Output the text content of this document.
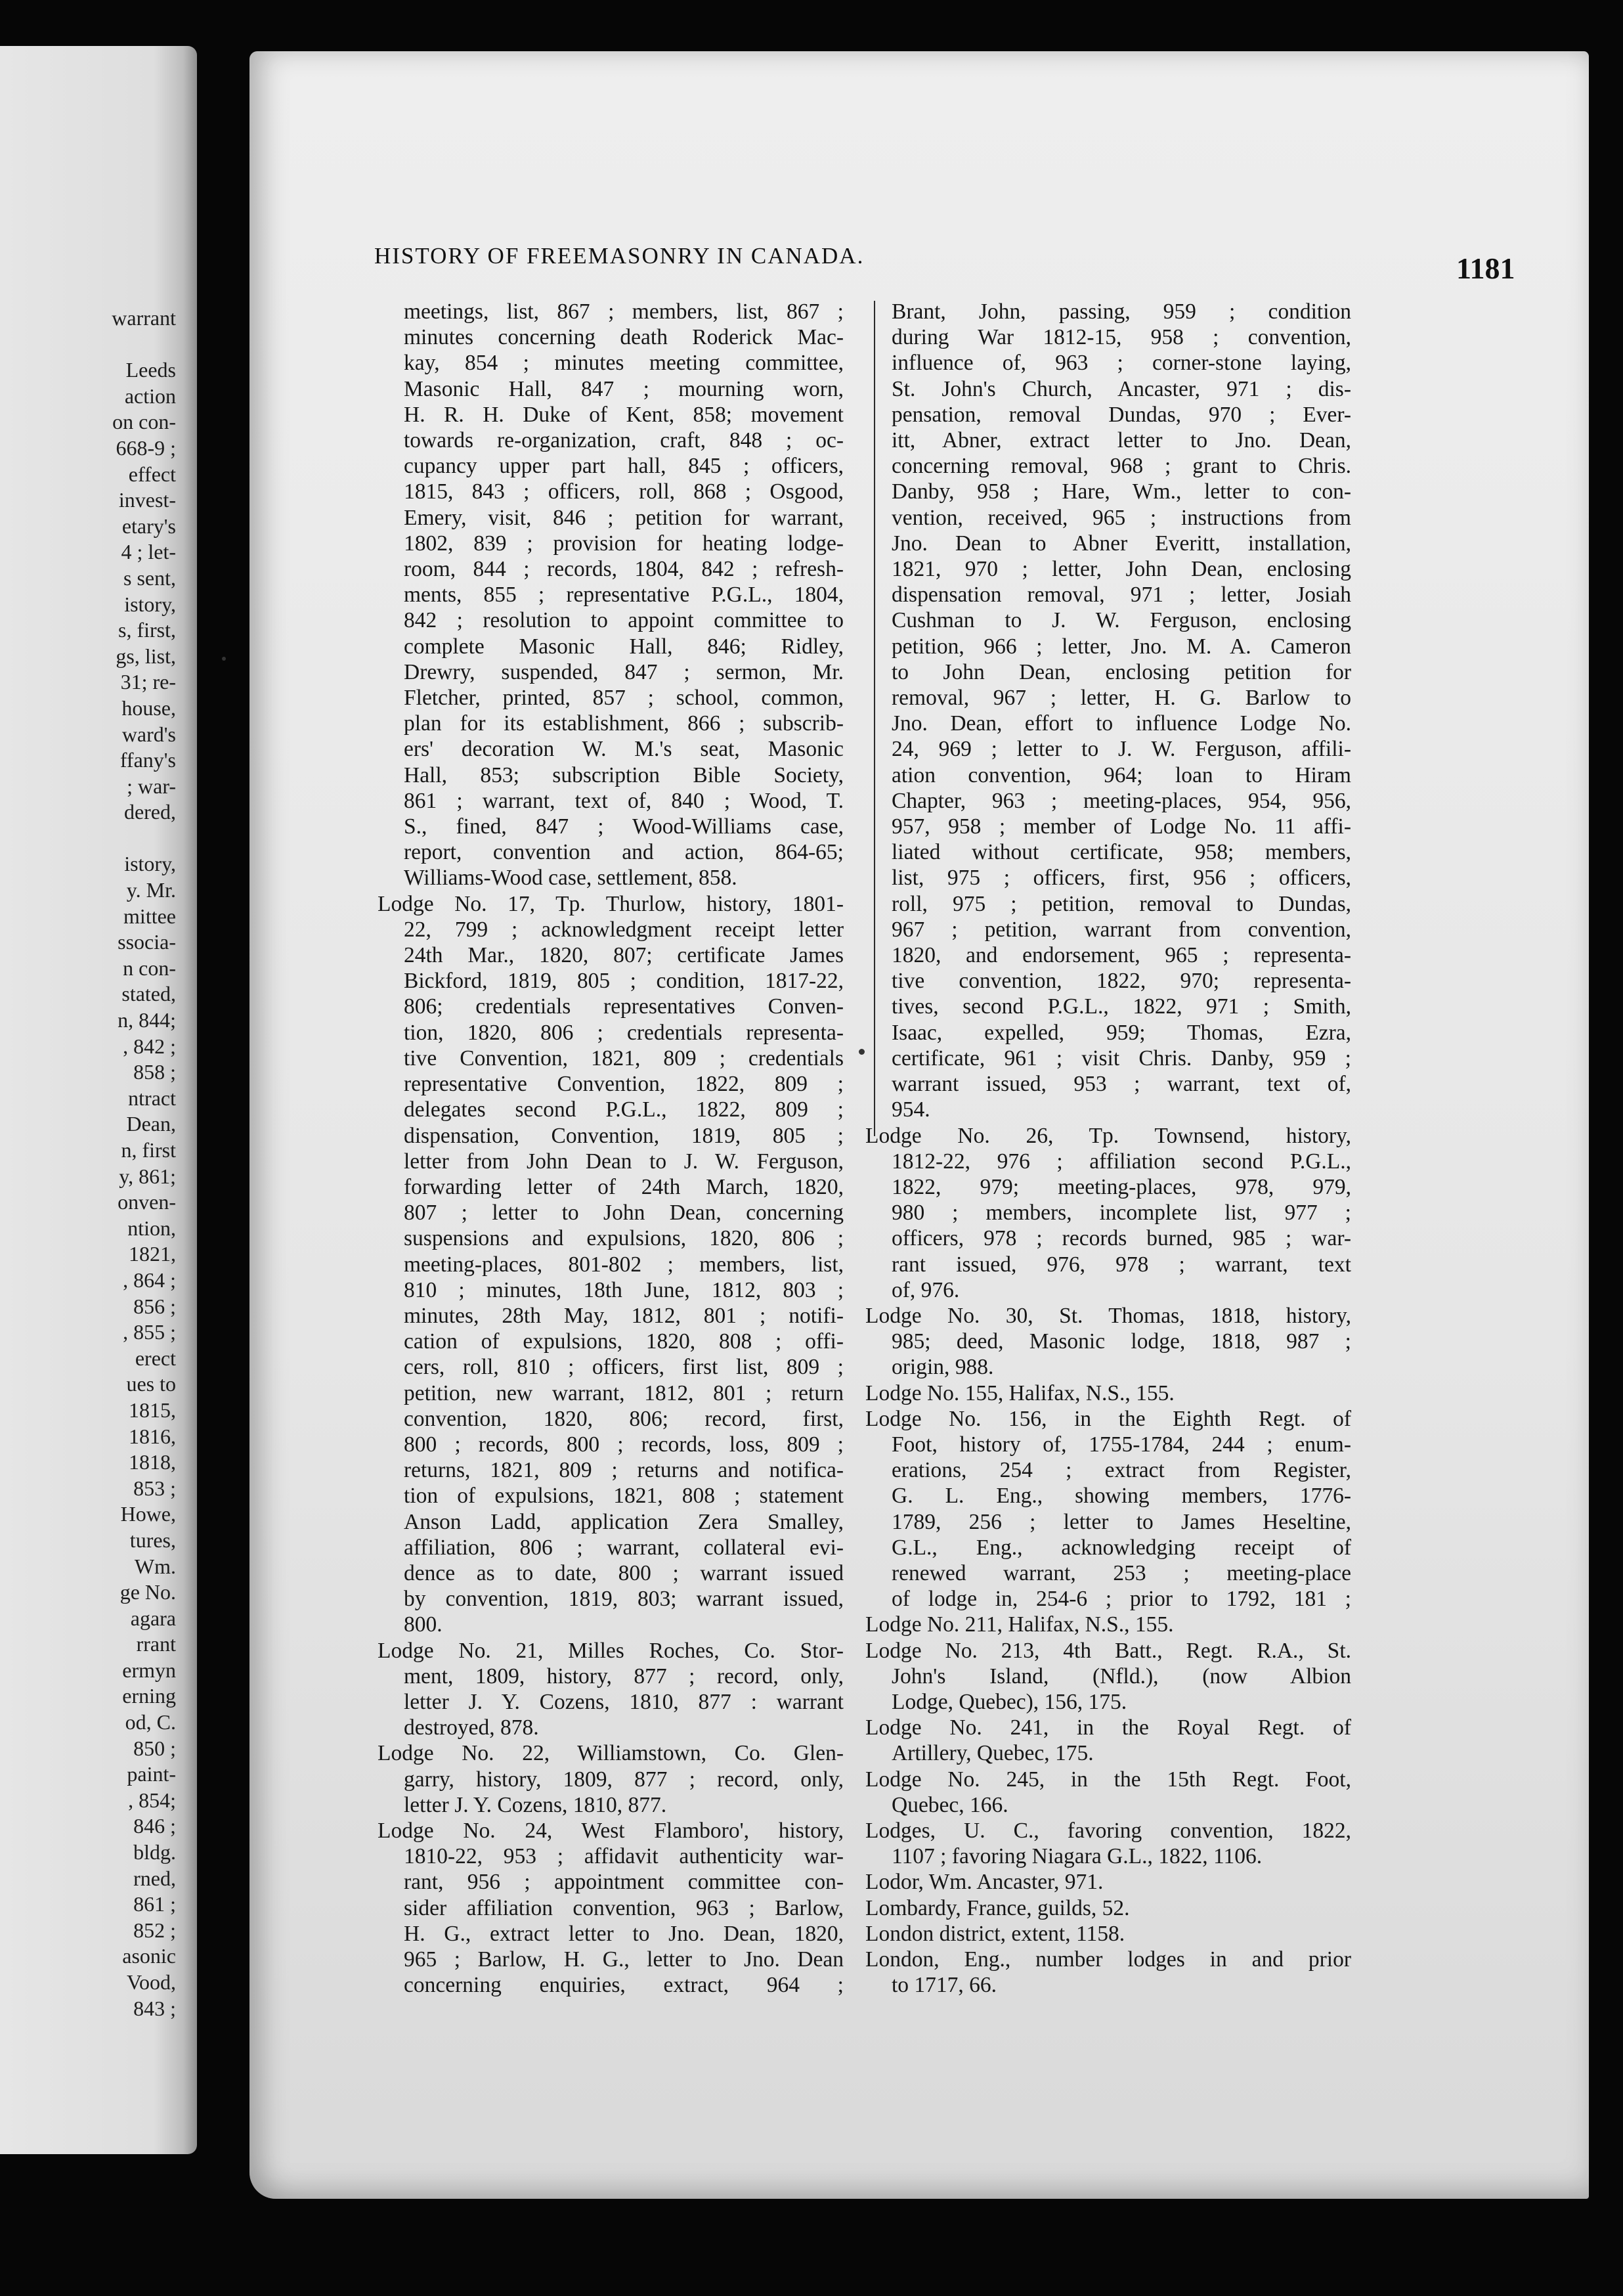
warrant
Leeds
action
on con-
668-9 ;
effect
invest-
etary's
4 ; let-
s sent,
istory,
s, first,
gs, list,
31; re-
house,
ward's
ffany's
; war-
dered,
istory,
y. Mr.
mittee
ssocia-
n con-
stated,
n, 844;
, 842 ;
858 ;
ntract
Dean,
n, first
y, 861;
onven-
ntion,
1821,
, 864 ;
856 ;
, 855 ;
erect
ues to
1815,
1816,
1818,
853 ;
Howe,
tures,
Wm.
ge No.
agara
rrant
ermyn
erning
od, C.
850 ;
paint-
, 854;
846 ;
bldg.
rned,
861 ;
852 ;
asonic
Vood,
843 ;
HISTORY OF FREEMASONRY IN CANADA.	1181
meetings, list, 867 ; members, list, 867 ;
minutes concerning death Roderick Mac-
kay, 854 ; minutes meeting committee,
Masonic Hall, 847 ; mourning worn,
H. R. H. Duke of Kent, 858; movement
towards re-organization, craft, 848 ; oc-
cupancy upper part hall, 845 ; officers,
1815, 843 ; officers, roll, 868 ; Osgood,
Emery, visit, 846 ; petition for warrant,
1802, 839 ; provision for heating lodge-
room, 844 ; records, 1804, 842 ; refresh-
ments, 855 ; representative P.G.L., 1804,
842 ; resolution to appoint committee to
complete Masonic Hall, 846; Ridley,
Drewry, suspended, 847 ; sermon, Mr.
Fletcher, printed, 857 ; school, common,
plan for its establishment, 866 ; subscrib-
ers' decoration W. M.'s seat, Masonic
Hall, 853; subscription Bible Society,
861 ; warrant, text of, 840 ; Wood, T.
S., fined, 847 ; Wood-Williams case,
report, convention and action, 864-65;
Williams-Wood case, settlement, 858.
Lodge No. 17, Tp. Thurlow, history, 1801-
22, 799 ; acknowledgment receipt letter
24th Mar., 1820, 807; certificate James
Bickford, 1819, 805 ; condition, 1817-22,
806; credentials representatives Conven-
tion, 1820, 806 ; credentials representa-
tive Convention, 1821, 809 ; credentials
representative Convention, 1822, 809 ;
delegates second P.G.L., 1822, 809 ;
dispensation, Convention, 1819, 805 ;
letter from John Dean to J. W. Ferguson,
forwarding letter of 24th March, 1820,
807 ; letter to John Dean, concerning
suspensions and expulsions, 1820, 806 ;
meeting-places, 801-802 ; members, list,
810 ; minutes, 18th June, 1812, 803 ;
minutes, 28th May, 1812, 801 ; notifi-
cation of expulsions, 1820, 808 ; offi-
cers, roll, 810 ; officers, first list, 809 ;
petition, new warrant, 1812, 801 ; return
convention, 1820, 806; record, first,
800 ; records, 800 ; records, loss, 809 ;
returns, 1821, 809 ; returns and notifica-
tion of expulsions, 1821, 808 ; statement
Anson Ladd, application Zera Smalley,
affiliation, 806 ; warrant, collateral evi-
dence as to date, 800 ; warrant issued
by convention, 1819, 803; warrant issued,
800.
Lodge No. 21, Milles Roches, Co. Stor-
ment, 1809, history, 877 ; record, only,
letter J. Y. Cozens, 1810, 877 : warrant
destroyed, 878.
Lodge No. 22, Williamstown, Co. Glen-
garry, history, 1809, 877 ; record, only,
letter J. Y. Cozens, 1810, 877.
Lodge No. 24, West Flamboro', history,
1810-22, 953 ; affidavit authenticity war-
rant, 956 ; appointment committee con-
sider affiliation convention, 963 ; Barlow,
H. G., extract letter to Jno. Dean, 1820,
965 ; Barlow, H. G., letter to Jno. Dean
concerning enquiries, extract, 964 ;
Brant, John, passing, 959 ; condition
during War 1812-15, 958 ; convention,
influence of, 963 ; corner-stone laying,
St. John's Church, Ancaster, 971 ; dis-
pensation, removal Dundas, 970 ; Ever-
itt, Abner, extract letter to Jno. Dean,
concerning removal, 968 ; grant to Chris.
Danby, 958 ; Hare, Wm., letter to con-
vention, received, 965 ; instructions from
Jno. Dean to Abner Everitt, installation,
1821, 970 ; letter, John Dean, enclosing
dispensation removal, 971 ; letter, Josiah
Cushman to J. W. Ferguson, enclosing
petition, 966 ; letter, Jno. M. A. Cameron
to John Dean, enclosing petition for
removal, 967 ; letter, H. G. Barlow to
Jno. Dean, effort to influence Lodge No.
24, 969 ; letter to J. W. Ferguson, affili-
ation convention, 964; loan to Hiram
Chapter, 963 ; meeting-places, 954, 956,
957, 958 ; member of Lodge No. 11 affi-
liated without certificate, 958; members,
list, 975 ; officers, first, 956 ; officers,
roll, 975 ; petition, removal to Dundas,
967 ; petition, warrant from convention,
1820, and endorsement, 965 ; representa-
tive convention, 1822, 970; representa-
tives, second P.G.L., 1822, 971 ; Smith,
Isaac, expelled, 959; Thomas, Ezra,
certificate, 961 ; visit Chris. Danby, 959 ;
warrant issued, 953 ; warrant, text of,
954.
Lodge No. 26, Tp. Townsend, history,
1812-22, 976 ; affiliation second P.G.L.,
1822, 979; meeting-places, 978, 979,
980 ; members, incomplete list, 977 ;
officers, 978 ; records burned, 985 ; war-
rant issued, 976, 978 ; warrant, text
of, 976.
Lodge No. 30, St. Thomas, 1818, history,
985; deed, Masonic lodge, 1818, 987 ;
origin, 988.
Lodge No. 155, Halifax, N.S., 155.
Lodge No. 156, in the Eighth Regt. of
Foot, history of, 1755-1784, 244 ; enum-
erations, 254 ; extract from Register,
G. L. Eng., showing members, 1776-
1789, 256 ; letter to James Heseltine,
G.L., Eng., acknowledging receipt of
renewed warrant, 253 ; meeting-place
of lodge in, 254-6 ; prior to 1792, 181 ;
Lodge No. 211, Halifax, N.S., 155.
Lodge No. 213, 4th Batt., Regt. R.A., St.
John's Island, (Nfld.), (now Albion
Lodge, Quebec), 156, 175.
Lodge No. 241, in the Royal Regt. of
Artillery, Quebec, 175.
Lodge No. 245, in the 15th Regt. Foot,
Quebec, 166.
Lodges, U. C., favoring convention, 1822,
1107 ; favoring Niagara G.L., 1822, 1106.
Lodor, Wm. Ancaster, 971.
Lombardy, France, guilds, 52.
London district, extent, 1158.
London, Eng., number lodges in and prior
to 1717, 66.
